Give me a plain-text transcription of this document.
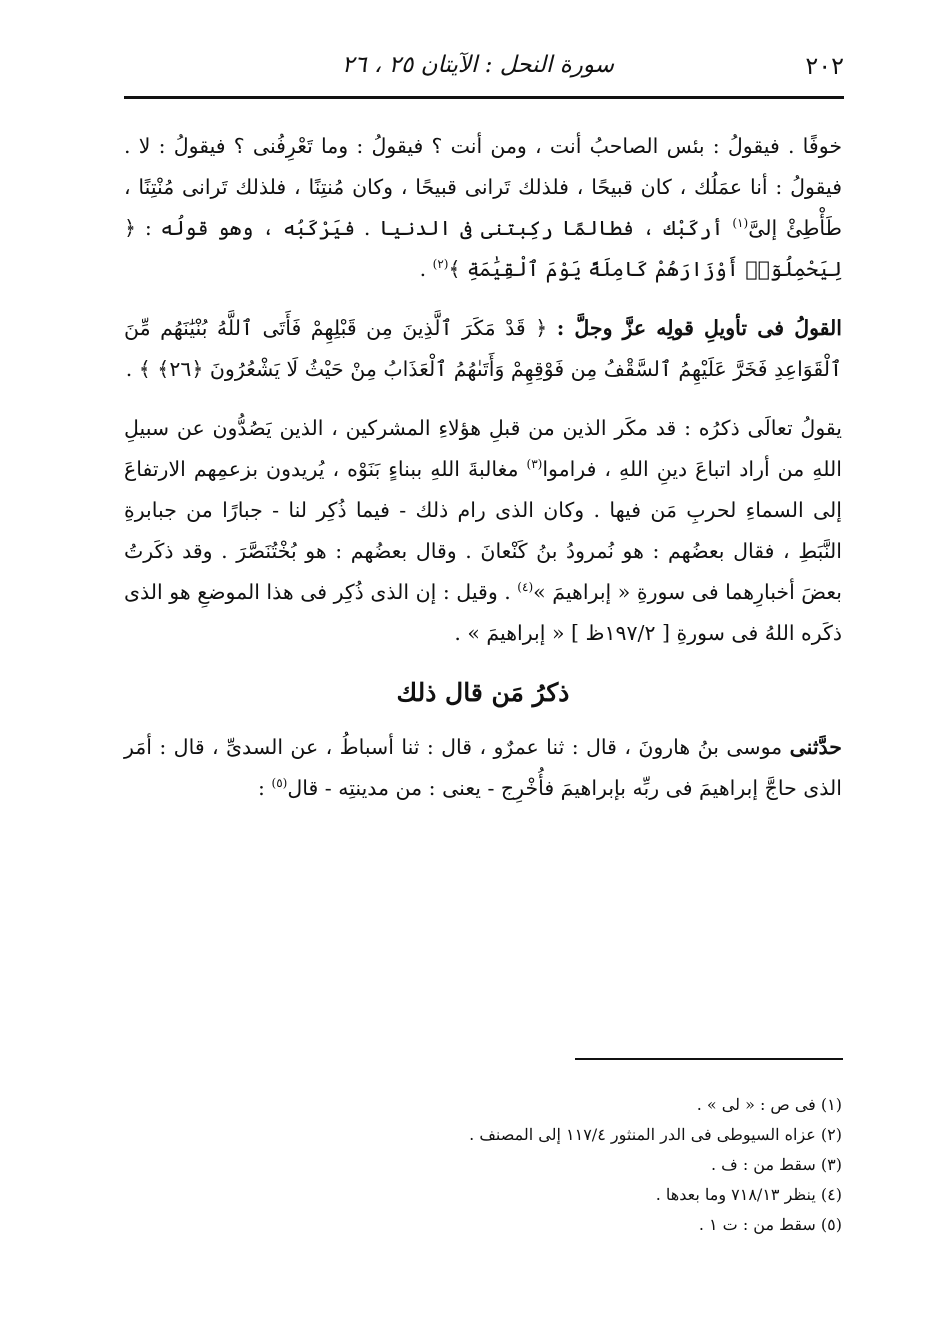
٢٠٢
سورة النحل : الآيتان ٢٥ ، ٢٦

خوفًا . فيقولُ : بئس الصاحبُ أنت ، ومن أنت ؟ فيقولُ : وما تَعْرِفُنى ؟ فيقولُ : لا . فيقولُ : أنا عمَلُك ، كان قبيحًا ، فلذلك تَرانى قبيحًا ، وكان مُنتِنًا ، فلذلك تَرانى مُنْتِنًا ، طَأْطِئْ إلىَّ$^{(١)}$ أركَبْك ، فطالمًا ركِبتنى فى الدنيا . فيَرْكَبُه ، وهو قولُه : ﴿ لِيَحْمِلُوٓا۟ أَوْزَارَهُمْ كَامِلَةً يَوْمَ ٱلْقِيَٰمَةِ ﴾$^{(٢)}$ .

القولُ فى تأويلِ قولِه عزَّ وجلَّ : ﴿ قَدْ مَكَرَ ٱلَّذِينَ مِن قَبْلِهِمْ فَأَتَى ٱللَّهُ بُنْيَٰنَهُم مِّنَ ٱلْقَوَاعِدِ فَخَرَّ عَلَيْهِمُ ٱلسَّقْفُ مِن فَوْقِهِمْ وَأَتَىٰهُمُ ٱلْعَذَابُ مِنْ حَيْثُ لَا يَشْعُرُونَ ﴿٢٦﴾ ﴾ .

يقولُ تعالَى ذكرُه : قد مكَر الذين من قبلِ هؤلاءِ المشركين ، الذين يَصُدُّون عن سبيلِ اللهِ من أراد اتباعَ دينِ اللهِ ، فراموا$^{(٣)}$ مغالبةَ اللهِ ببناءٍ بَنَوْه ، يُريدون بزعمِهم الارتفاعَ إلى السماءِ لحربِ مَن فيها . وكان الذى رام ذلك - فيما ذُكِر لنا - جبارًا من جبابرةِ النَّبَطِ ، فقال بعضُهم : هو نُمرودُ بنُ كَنْعانَ . وقال بعضُهم : هو بُخْتُنَصَّرَ . وقد ذكَرتُ بعضَ أخبارِهما فى سورةِ « إبراهيمَ »$^{(٤)}$ . وقيل : إن الذى ذُكِر فى هذا الموضعِ هو الذى ذكَره اللهُ فى سورةِ [ ١٩٧/٢ظ ] « إبراهيمَ » .

ذكرُ مَن قال ذلك

حدَّثنى موسى بنُ هارونَ ، قال : ثنا عمرٌو ، قال : ثنا أسباطُ ، عن السدىِّ ، قال : أمَر الذى حاجَّ إبراهيمَ فى ربِّه بإبراهيمَ فأُخْرِج - يعنى : من مدينتِه - قال$^{(٥)}$ :

(١) فى ص : « لى » .
(٢) عزاه السيوطى فى الدر المنثور ١١٧/٤ إلى المصنف .
(٣) سقط من : ف .
(٤) ينظر ٧١٨/١٣ وما بعدها .
(٥) سقط من : ت ١ .
